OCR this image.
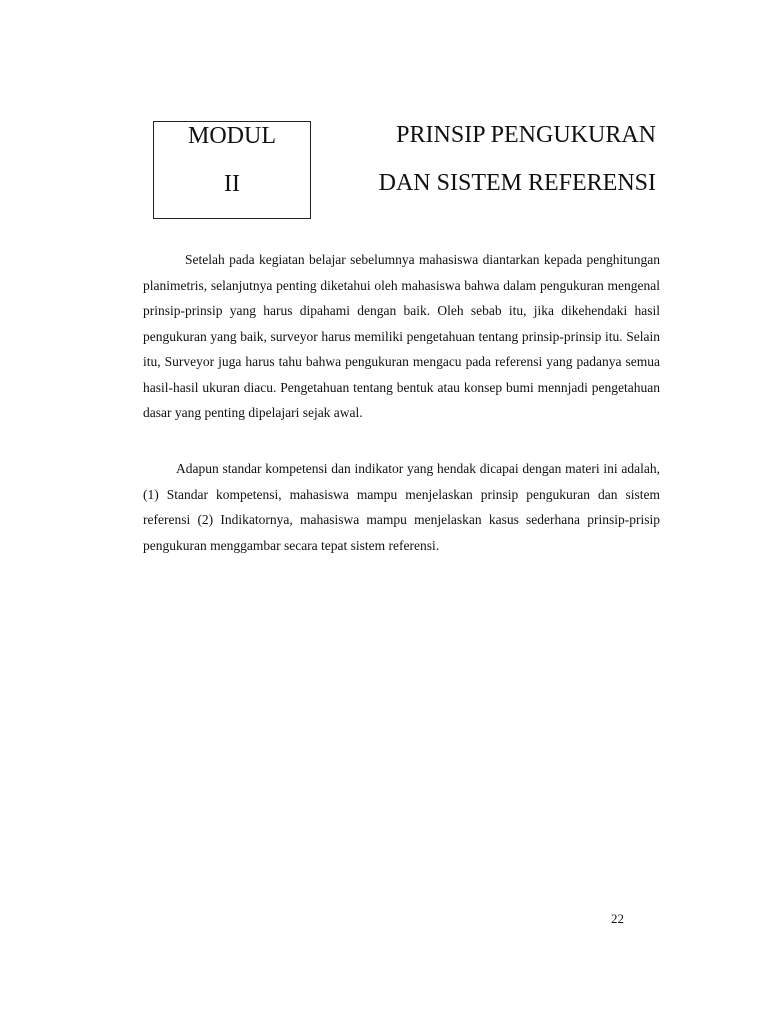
MODUL
II
PRINSIP PENGUKURAN
DAN SISTEM REFERENSI

Setelah pada kegiatan belajar sebelumnya mahasiswa diantarkan kepada penghitungan planimetris, selanjutnya penting diketahui oleh mahasiswa bahwa dalam pengukuran mengenal prinsip-prinsip yang harus dipahami dengan baik. Oleh sebab itu, jika dikehendaki hasil pengukuran yang baik, surveyor harus memiliki pengetahuan tentang prinsip-prinsip itu. Selain itu, Surveyor juga harus tahu bahwa pengukuran mengacu pada referensi yang padanya semua hasil-hasil ukuran diacu. Pengetahuan tentang bentuk atau konsep bumi mennjadi pengetahuan dasar yang penting dipelajari sejak awal.

Adapun standar kompetensi dan indikator yang hendak dicapai dengan materi ini adalah, (1) Standar kompetensi, mahasiswa mampu menjelaskan prinsip pengukuran dan sistem referensi (2) Indikatornya, mahasiswa mampu menjelaskan kasus sederhana prinsip-prisip pengukuran menggambar secara tepat sistem referensi.

22
